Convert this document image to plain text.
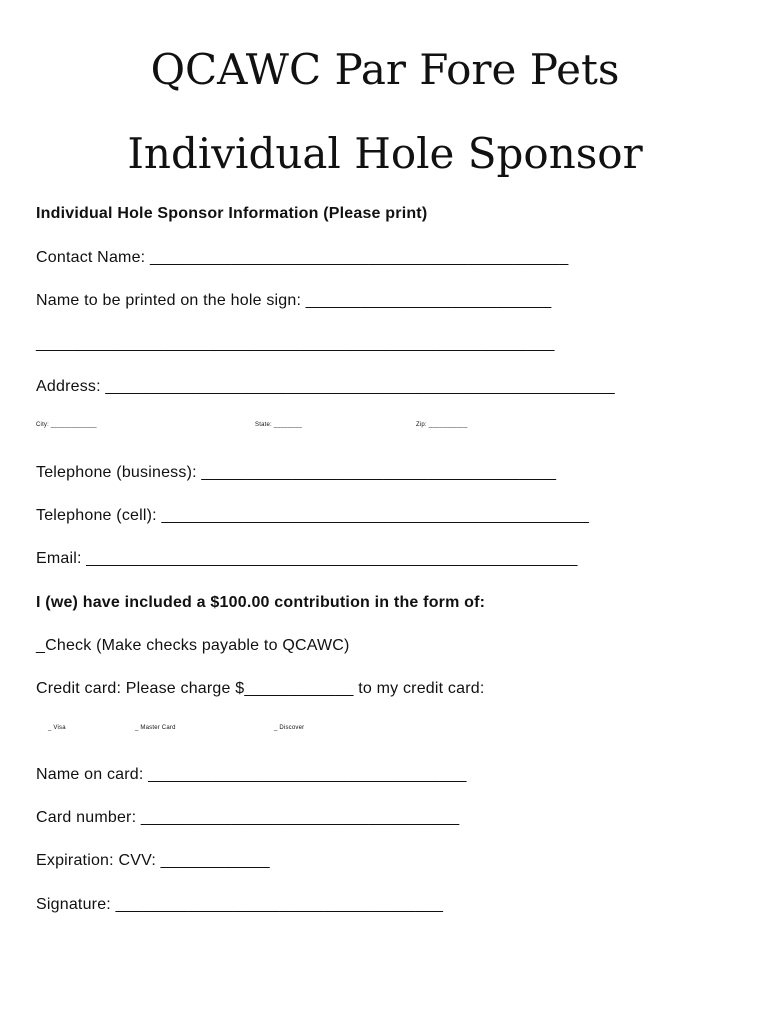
QCAWC Par Fore Pets
Individual Hole Sponsor
Individual Hole Sponsor Information (Please print)
Contact Name: ______________________________________________
Name to be printed on the hole sign: ___________________________
_________________________________________________________
Address: ________________________________________________________
City: _____________	State: ________	Zip: ___________
Telephone (business): _______________________________________
Telephone (cell): _______________________________________________
Email: ______________________________________________________
I (we) have included a $100.00 contribution in the form of:
_Check (Make checks payable to QCAWC)
Credit card: Please charge $____________ to my credit card:
_ Visa	_ Master Card	_ Discover
Name on card: ___________________________________
Card number: ___________________________________
Expiration: CVV: ____________
Signature: ____________________________________
